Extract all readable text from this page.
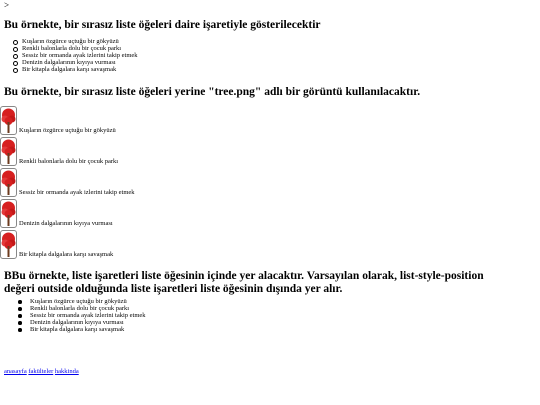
>
Bu örnekte, bir sırasız liste öğeleri daire işaretiyle gösterilecektir
Kuşların özgürce uçtuğu bir gökyüzü
Renkli balonlarla dolu bir çocuk parkı
Sessiz bir ormanda ayak izlerini takip etmek
Denizin dalgalarının kıyıya vurması
Bir kitapla dalgalara karşı savaşmak
Bu örnekte, bir sırasız liste öğeleri yerine "tree.png" adlı bir görüntü kullanılacaktır.
Kuşların özgürce uçtuğu bir gökyüzü
Renkli balonlarla dolu bir çocuk parkı
Sessiz bir ormanda ayak izlerini takip etmek
Denizin dalgalarının kıyıya vurması
Bir kitapla dalgalara karşı savaşmak
BBu örnekte, liste işaretleri liste öğesinin içinde yer alacaktır. Varsayılan olarak, list-style-position değeri outside olduğunda liste işaretleri liste öğesinin dışında yer alır.
Kuşların özgürce uçtuğu bir gökyüzü
Renkli balonlarla dolu bir çocuk parkı
Sessiz bir ormanda ayak izlerini takip etmek
Denizin dalgalarının kıyıya vurması
Bir kitapla dalgalara karşı savaşmak
anasayfa fakülteler hakkinda
